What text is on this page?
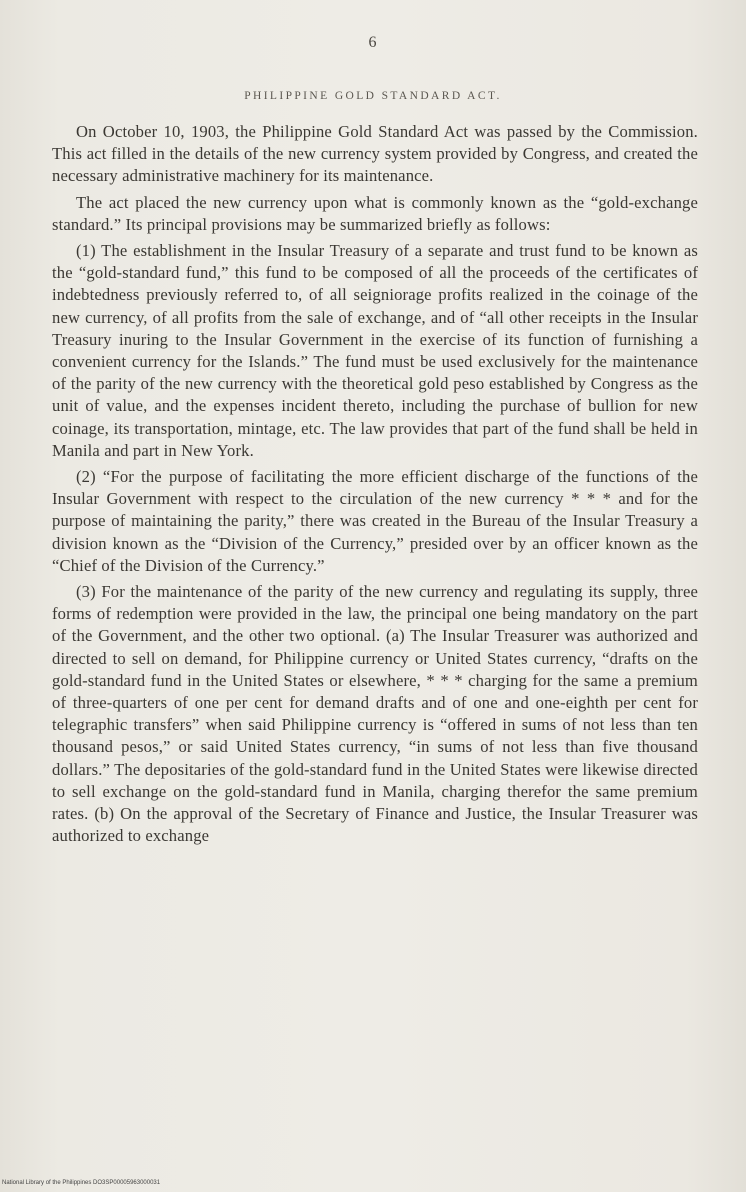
6
PHILIPPINE GOLD STANDARD ACT.

On October 10, 1903, the Philippine Gold Standard Act was passed by the Commission. This act filled in the details of the new currency system provided by Congress, and created the necessary administrative machinery for its maintenance.

The act placed the new currency upon what is commonly known as the “gold-exchange standard.” Its principal provisions may be summarized briefly as follows:

(1) The establishment in the Insular Treasury of a separate and trust fund to be known as the “gold-standard fund,” this fund to be composed of all the proceeds of the certificates of indebtedness previously referred to, of all seigniorage profits realized in the coinage of the new currency, of all profits from the sale of exchange, and of “all other receipts in the Insular Treasury inuring to the Insular Government in the exercise of its function of furnishing a convenient currency for the Islands.” The fund must be used exclusively for the maintenance of the parity of the new currency with the theoretical gold peso established by Congress as the unit of value, and the expenses incident thereto, including the purchase of bullion for new coinage, its transportation, mintage, etc. The law provides that part of the fund shall be held in Manila and part in New York.

(2) “For the purpose of facilitating the more efficient discharge of the functions of the Insular Government with respect to the circulation of the new currency * * * and for the purpose of maintaining the parity,” there was created in the Bureau of the Insular Treasury a division known as the “Division of the Currency,” presided over by an officer known as the “Chief of the Division of the Currency.”

(3) For the maintenance of the parity of the new currency and regulating its supply, three forms of redemption were provided in the law, the principal one being mandatory on the part of the Government, and the other two optional. (a) The Insular Treasurer was authorized and directed to sell on demand, for Philippine currency or United States currency, “drafts on the gold-standard fund in the United States or elsewhere, * * * charging for the same a premium of three-quarters of one per cent for demand drafts and of one and one-eighth per cent for telegraphic transfers” when said Philippine currency is “offered in sums of not less than ten thousand pesos,” or said United States currency, “in sums of not less than five thousand dollars.” The depositaries of the gold-standard fund in the United States were likewise directed to sell exchange on the gold-standard fund in Manila, charging therefor the same premium rates. (b) On the approval of the Secretary of Finance and Justice, the Insular Treasurer was authorized to exchange

National Library of the Philippines DO3SP00005963000031
